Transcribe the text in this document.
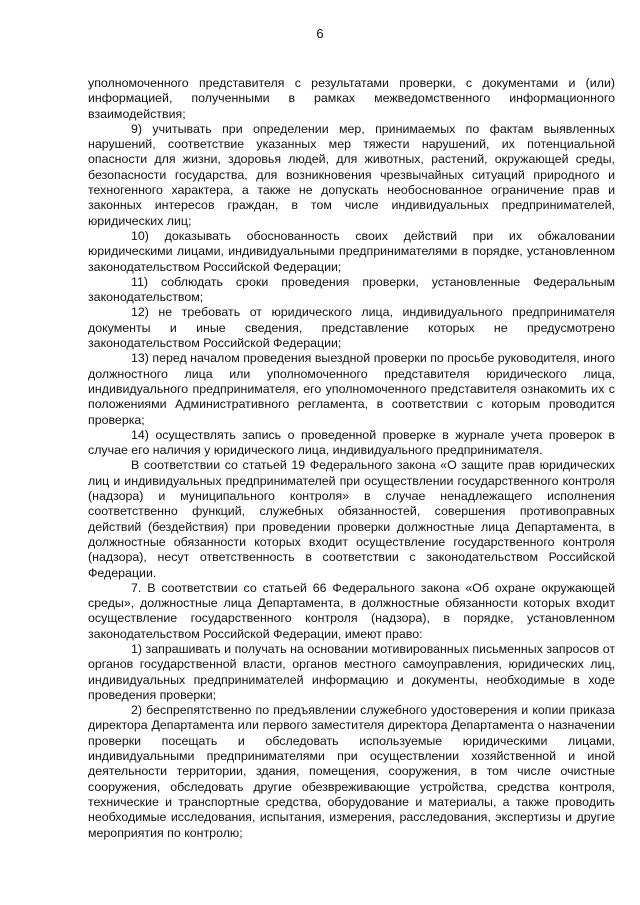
6

уполномоченного представителя с результатами проверки, с документами и (или) информацией, полученными в рамках межведомственного информационного взаимодействия;

9) учитывать при определении мер, принимаемых по фактам выявленных нарушений, соответствие указанных мер тяжести нарушений, их потенциальной опасности для жизни, здоровья людей, для животных, растений, окружающей среды, безопасности государства, для возникновения чрезвычайных ситуаций природного и техногенного характера, а также не допускать необоснованное ограничение прав и законных интересов граждан, в том числе индивидуальных предпринимателей, юридических лиц;

10) доказывать обоснованность своих действий при их обжаловании юридическими лицами, индивидуальными предпринимателями в порядке, установленном законодательством Российской Федерации;

11) соблюдать сроки проведения проверки, установленные Федеральным законодательством;

12) не требовать от юридического лица, индивидуального предпринимателя документы и иные сведения, представление которых не предусмотрено законодательством Российской Федерации;

13) перед началом проведения выездной проверки по просьбе руководителя, иного должностного лица или уполномоченного представителя юридического лица, индивидуального предпринимателя, его уполномоченного представителя ознакомить их с положениями Административного регламента, в соответствии с которым проводится проверка;

14) осуществлять запись о проведенной проверке в журнале учета проверок в случае его наличия у юридического лица, индивидуального предпринимателя.

В соответствии со статьей 19 Федерального закона «О защите прав юридических лиц и индивидуальных предпринимателей при осуществлении государственного контроля (надзора) и муниципального контроля» в случае ненадлежащего исполнения соответственно функций, служебных обязанностей, совершения противоправных действий (бездействия) при проведении проверки должностные лица Департамента, в должностные обязанности которых входит осуществление государственного контроля (надзора), несут ответственность в соответствии с законодательством Российской Федерации.

7. В соответствии со статьей 66 Федерального закона «Об охране окружающей среды», должностные лица Департамента, в должностные обязанности которых входит осуществление государственного контроля (надзора), в порядке, установленном законодательством Российской Федерации, имеют право:

1) запрашивать и получать на основании мотивированных письменных запросов от органов государственной власти, органов местного самоуправления, юридических лиц, индивидуальных предпринимателей информацию и документы, необходимые в ходе проведения проверки;

2) беспрепятственно по предъявлении служебного удостоверения и копии приказа директора Департамента или первого заместителя директора Департамента о назначении проверки посещать и обследовать используемые юридическими лицами, индивидуальными предпринимателями при осуществлении хозяйственной и иной деятельности территории, здания, помещения, сооружения, в том числе очистные сооружения, обследовать другие обезвреживающие устройства, средства контроля, технические и транспортные средства, оборудование и материалы, а также проводить необходимые исследования, испытания, измерения, расследования, экспертизы и другие мероприятия по контролю;
